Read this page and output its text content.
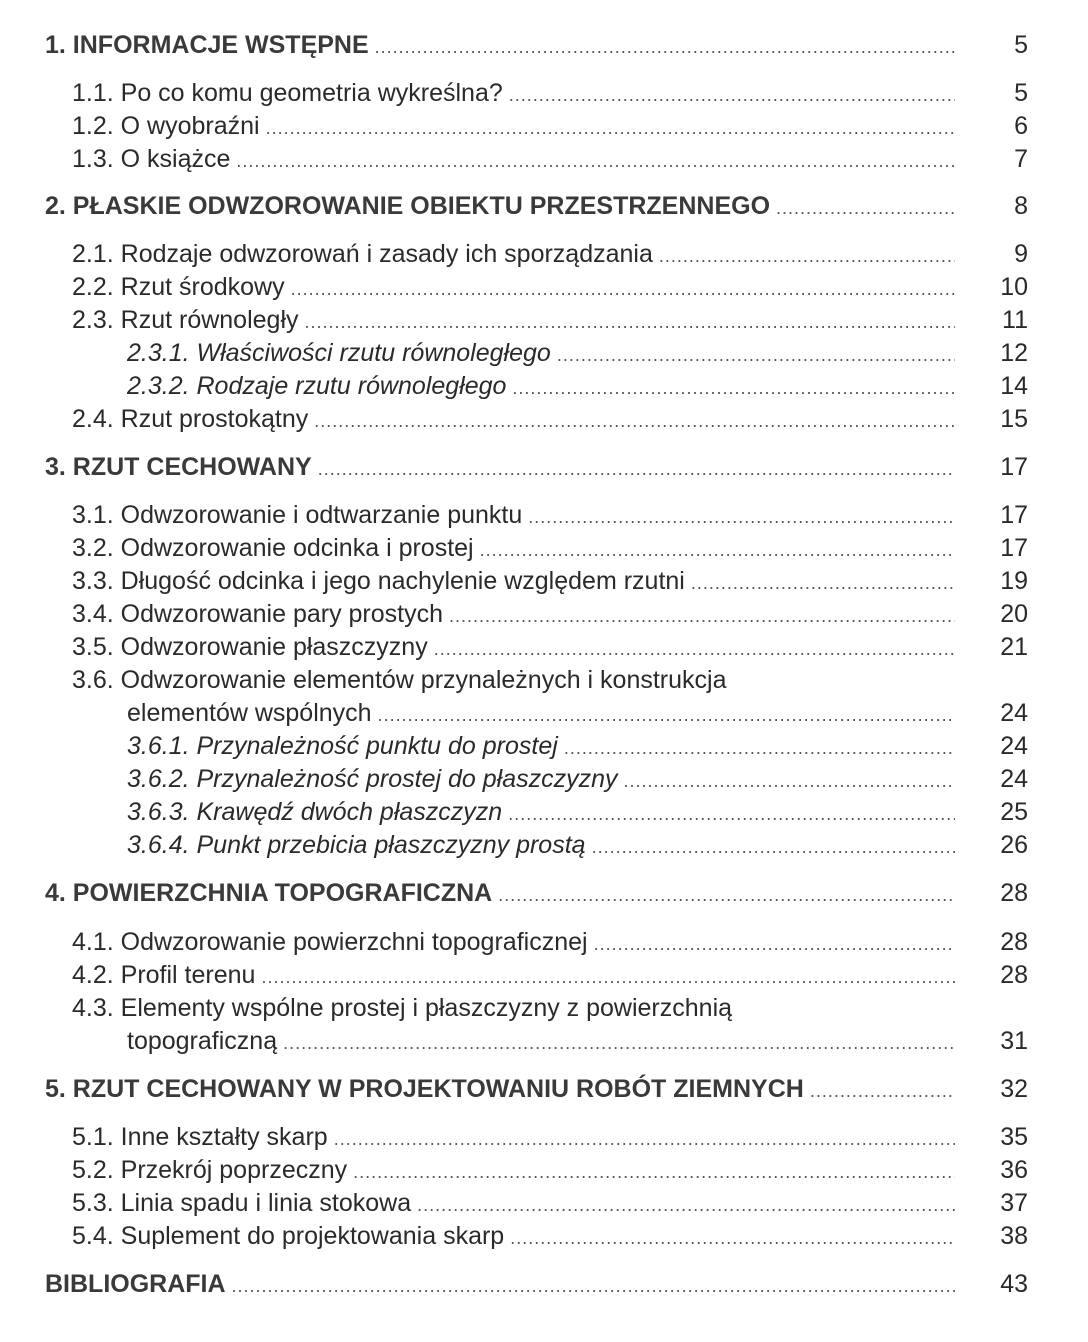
1. INFORMACJE WSTĘPNE .....	5
1.1. Po co komu geometria wykreślna? .....	5
1.2. O wyobraźni .....	6
1.3. O książce .....	7
2. PŁASKIE ODWZOROWANIE OBIEKTU PRZESTRZENNEGO .....	8
2.1. Rodzaje odwzorowań i zasady ich sporządzania .....	9
2.2. Rzut środkowy .....	10
2.3. Rzut równoległy .....	11
2.3.1. Właściwości rzutu równoległego .....	12
2.3.2. Rodzaje rzutu równoległego .....	14
2.4. Rzut prostokątny .....	15
3. RZUT CECHOWANY .....	17
3.1. Odwzorowanie i odtwarzanie punktu .....	17
3.2. Odwzorowanie odcinka i prostej .....	17
3.3. Długość odcinka i jego nachylenie względem rzutni .....	19
3.4. Odwzorowanie pary prostych .....	20
3.5. Odwzorowanie płaszczyzny .....	21
3.6. Odwzorowanie elementów przynależnych i konstrukcja
elementów wspólnych .....	24
3.6.1. Przynależność punktu do prostej .....	24
3.6.2. Przynależność prostej do płaszczyzny .....	24
3.6.3. Krawędź dwóch płaszczyzn .....	25
3.6.4. Punkt przebicia płaszczyzny prostą .....	26
4. POWIERZCHNIA TOPOGRAFICZNA .....	28
4.1. Odwzorowanie powierzchni topograficznej .....	28
4.2. Profil terenu .....	28
4.3. Elementy wspólne prostej i płaszczyzny z powierzchnią
topograficzną .....	31
5. RZUT CECHOWANY W PROJEKTOWANIU ROBÓT ZIEMNYCH .....	32
5.1. Inne kształty skarp .....	35
5.2. Przekrój poprzeczny .....	36
5.3. Linia spadu i linia stokowa .....	37
5.4. Suplement do projektowania skarp .....	38
BIBLIOGRAFIA .....	43
